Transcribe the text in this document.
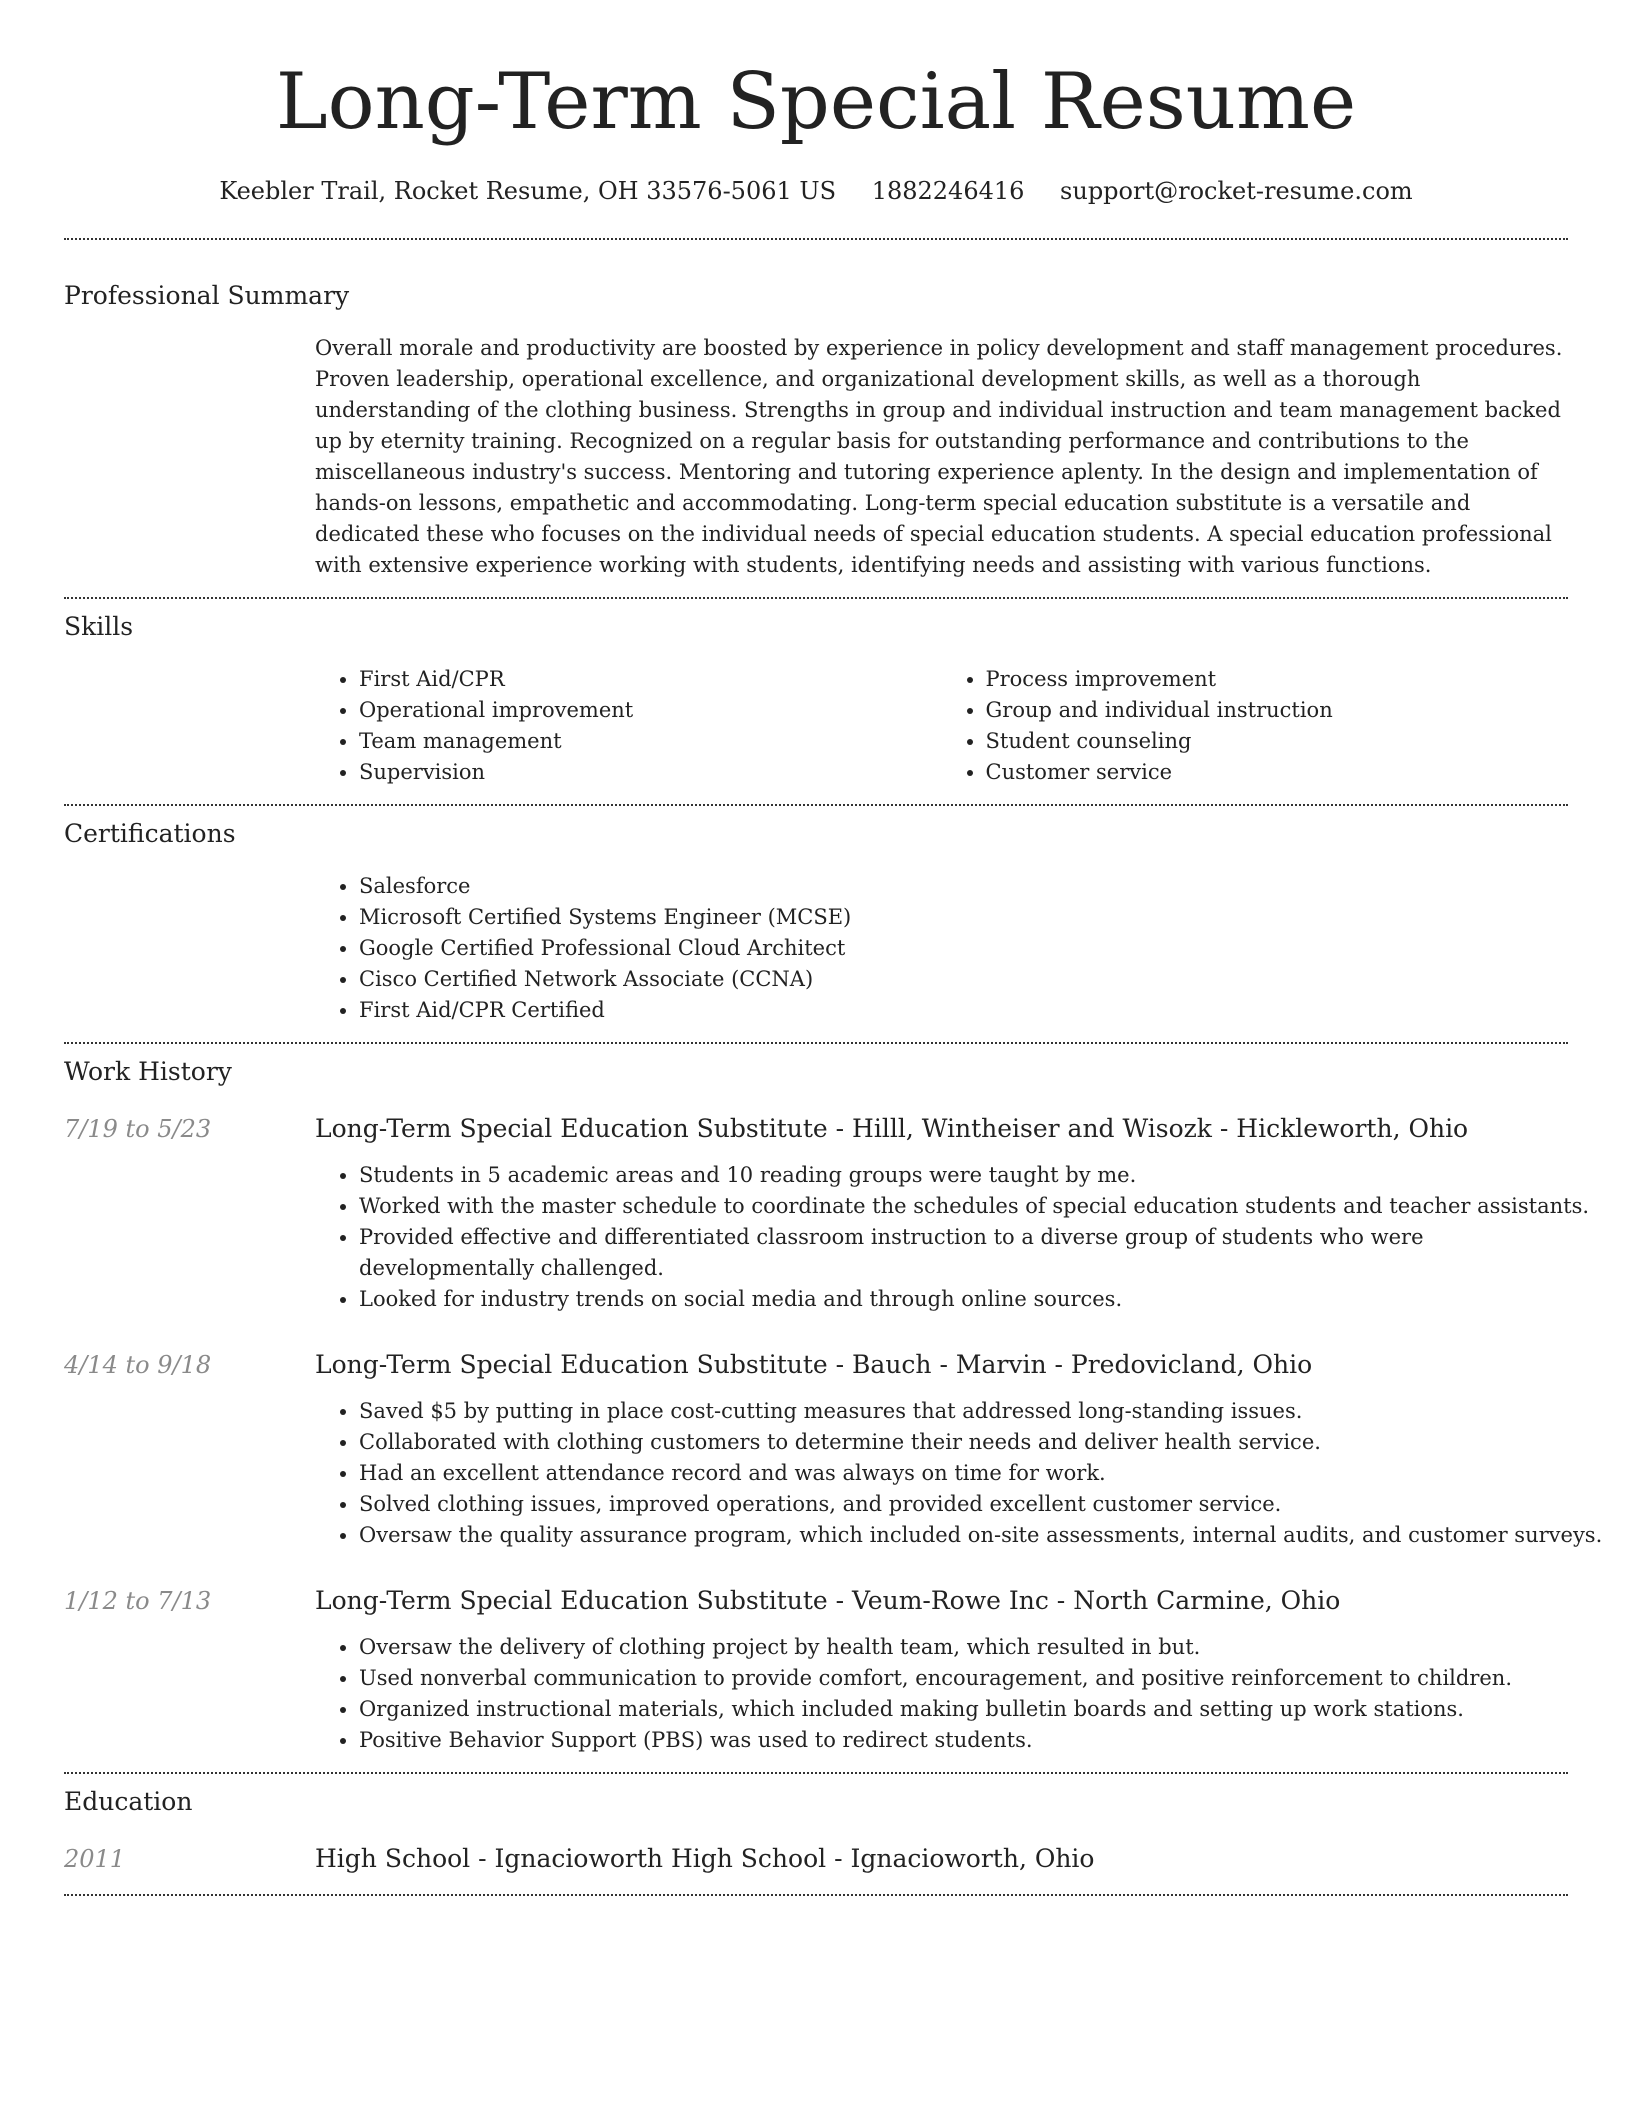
Long-Term Special Resume
Keebler Trail, Rocket Resume, OH 33576-5061 US 1882246416 support@rocket-resume.com
Professional Summary

Overall morale and productivity are boosted by experience in policy development and staff management procedures. Proven leadership, operational excellence, and organizational development skills, as well as a thorough understanding of the clothing business. Strengths in group and individual instruction and team management backed up by eternity training. Recognized on a regular basis for outstanding performance and contributions to the miscellaneous industry's success. Mentoring and tutoring experience aplenty. In the design and implementation of hands-on lessons, empathetic and accommodating. Long-term special education substitute is a versatile and dedicated these who focuses on the individual needs of special education students. A special education professional with extensive experience working with students, identifying needs and assisting with various functions.

Skills
• First Aid/CPR
• Operational improvement
• Team management
• Supervision
• Process improvement
• Group and individual instruction
• Student counseling
• Customer service
Certifications
• Salesforce
• Microsoft Certified Systems Engineer (MCSE)
• Google Certified Professional Cloud Architect
• Cisco Certified Network Associate (CCNA)
• First Aid/CPR Certified
Work History
7/19 to 5/23	Long-Term Special Education Substitute - Hilll, Wintheiser and Wisozk - Hickleworth, Ohio
• Students in 5 academic areas and 10 reading groups were taught by me.
• Worked with the master schedule to coordinate the schedules of special education students and teacher assistants.
• Provided effective and differentiated classroom instruction to a diverse group of students who were developmentally challenged.
• Looked for industry trends on social media and through online sources.
4/14 to 9/18	Long-Term Special Education Substitute - Bauch - Marvin - Predovicland, Ohio
• Saved $5 by putting in place cost-cutting measures that addressed long-standing issues.
• Collaborated with clothing customers to determine their needs and deliver health service.
• Had an excellent attendance record and was always on time for work.
• Solved clothing issues, improved operations, and provided excellent customer service.
• Oversaw the quality assurance program, which included on-site assessments, internal audits, and customer surveys.
1/12 to 7/13	Long-Term Special Education Substitute - Veum-Rowe Inc - North Carmine, Ohio
• Oversaw the delivery of clothing project by health team, which resulted in but.
• Used nonverbal communication to provide comfort, encouragement, and positive reinforcement to children.
• Organized instructional materials, which included making bulletin boards and setting up work stations.
• Positive Behavior Support (PBS) was used to redirect students.
Education
2011	High School - Ignacioworth High School - Ignacioworth, Ohio
